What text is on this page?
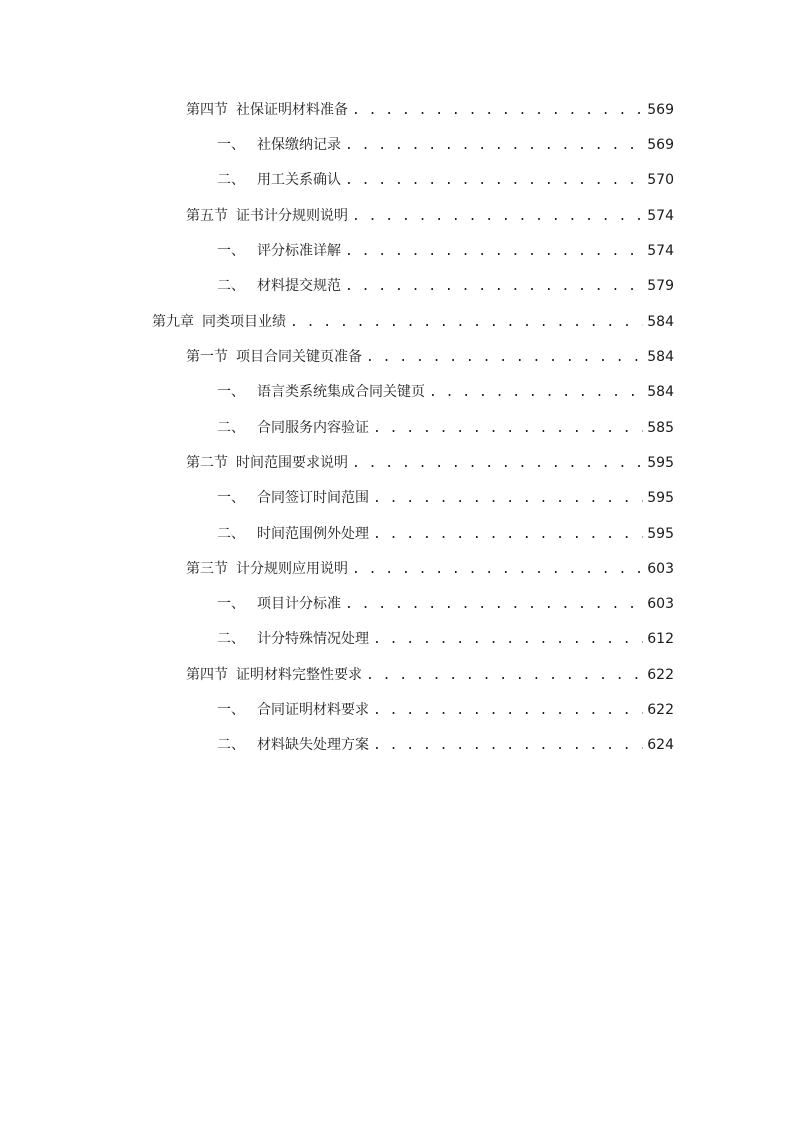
第四节 社保证明材料准备 . . .	569
一、 社保缴纳记录 . . .	569
二、 用工关系确认 . . .	570
第五节 证书计分规则说明 . . .	574
一、 评分标准详解 . . .	574
二、 材料提交规范 . . .	579
第九章 同类项目业绩 . . .	584
第一节 项目合同关键页准备 . . .	584
一、 语言类系统集成合同关键页 . . .	584
二、 合同服务内容验证 . . .	585
第二节 时间范围要求说明 . . .	595
一、 合同签订时间范围 . . .	595
二、 时间范围例外处理 . . .	595
第三节 计分规则应用说明 . . .	603
一、 项目计分标准 . . .	603
二、 计分特殊情况处理 . . .	612
第四节 证明材料完整性要求 . . .	622
一、 合同证明材料要求 . . .	622
二、 材料缺失处理方案 . . .	624
